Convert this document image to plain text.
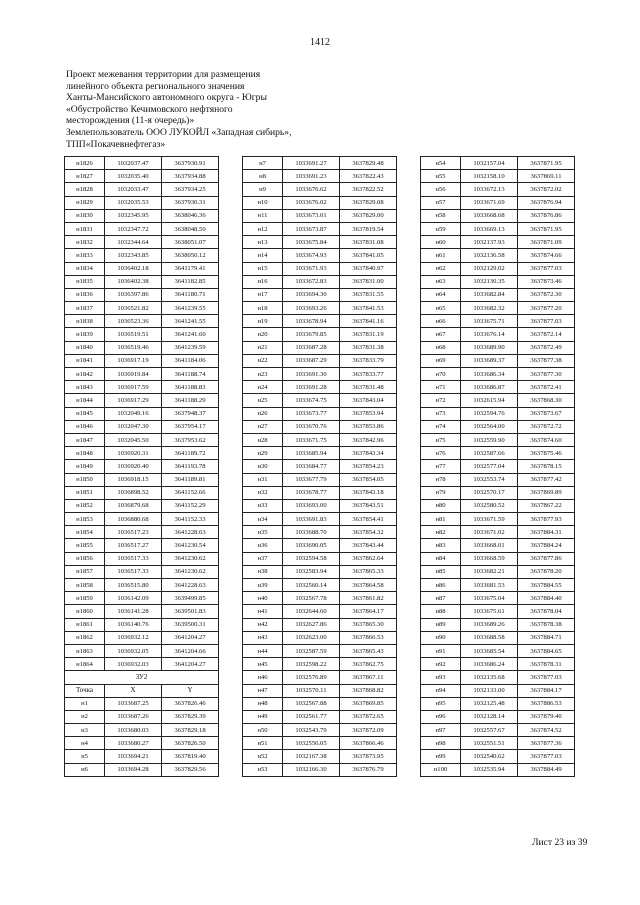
1412
Проект межевания территории для размещения
линейного объекта регионального значения
Ханты-Мансийского автономного округа - Югры
«Обустройство Кечимовского нефтяного
месторождения (11-я очередь)»
Землепользователь ООО ЛУКОЙЛ «Западная сибирь»,
ТПП«Покачевнефтегаз»
н1826	1032037.47	3637930.91
н1827	1032035.40	3637934.88
н1828	1032033.47	3637934.25
н1829	1032035.53	3637930.31
н1830	1032345.95	3638046.36
н1831	1032347.72	3638048.50
н1832	1032344.64	3638051.07
н1833	1032343.85	3638050.12
н1834	1036402.18	3641179.41
н1835	1036402.38	3641182.85
н1836	1036397.86	3641180.71
н1837	1036521.82	3641239.55
н1838	1036523.36	3641241.55
н1839	1036519.51	3641241.60
н1840	1036519.46	3641239.59
н1841	1036917.19	3641184.06
н1842	1036919.84	3641188.74
н1843	1036917.59	3641188.83
н1844	1036917.29	3641188.29
н1845	1032049.16	3637948.37
н1846	1032047.30	3637954.17
н1847	1032045.50	3637953.62
н1848	1036920.31	3641189.72
н1849	1036920.40	3641193.78
н1850	1036918.15	3641189.81
н1851	1036898.52	3641152.66
н1852	1036879.68	3641152.29
н1853	1036880.68	3641152.33
н1854	1036517.23	3641228.63
н1855	1036517.27	3641230.54
н1856	1036517.33	3641230.62
н1857	1036517.33	3641230.62
н1858	1036515.80	3641228.63
н1859	1036142.09	3639499.85
н1860	1036141.28	3639501.83
н1861	1036140.76	3639500.31
н1862	1036932.12	3641204.27
н1863	1036932.05	3641204.66
н1864	1036932.03	3641204.27
ЗУ2		
Точка	X	Y
н1	1033687.25	3637826.46
н2	1033687.26	3637829.39
н3	1033680.03	3637829.18
н4	1033680.27	3637826.50
н5	1033694.21	3637819.40
н6	1033694.28	3637829.56
н7	1033691.27	3637829.48
н8	1033691.23	3637822.43
н9	1033676.62	3637822.52
н10	1033676.02	3637829.08
н11	1033673.01	3637829.00
н12	1033673.87	3637819.54
н13	1033675.84	3637831.08
н14	1033674.93	3637841.05
н15	1033671.93	3637840.97
н16	1033672.83	3637831.00
н17	1033694.30	3637831.55
н18	1033693.26	3637841.53
н19	1033678.94	3637841.16
н20	1033679.85	3637831.19
н21	1033687.28	3637831.38
н22	1033687.29	3637833.79
н23	1033691.30	3637833.77
н24	1033691.28	3637831.48
н25	1033674.75	3637843.04
н26	1033673.77	3637853.94
н27	1033670.76	3637853.86
н28	1033671.75	3637842.96
н29	1033685.94	3637843.34
н30	1033684.77	3637854.23
н31	1033677.79	3637854.05
н32	1033678.77	3637843.18
н33	1033693.00	3637843.51
н34	1033691.83	3637854.41
н35	1033688.70	3637854.32
н36	1033690.05	3637843.44
н37	1032594.58	3637862.64
н38	1032583.94	3637865.33
н39	1032560.14	3637864.58
н40	1032567.78	3637861.82
н41	1032644.60	3637864.17
н42	1032627.86	3637865.30
н43	1032623.00	3637866.53
н44	1032587.59	3637865.43
н45	1032598.22	3637862.75
н46	1032576.89	3637867.11
н47	1032570.11	3637868.82
н48	1032567.88	3637869.85
н49	1032561.77	3637872.65
н50	1032543.79	3637872.09
н51	1032556.05	3637866.46
н52	1032167.38	3637873.95
н53	1032166.30	3637876.79
н54	1032157.04	3637871.95
н55	1032158.10	3637869.11
н56	1033672.13	3637872.02
н57	1033671.69	3637876.94
н58	1033668.68	3637876.86
н59	1033669.13	3637871.95
н60	1032137.93	3637871.09
н61	1032136.58	3637874.66
н62	1032129.02	3637877.03
н63	1032130.35	3637873.46
н64	1033682.84	3637872.30
н65	1033682.32	3637877.20
н66	1033675.71	3637877.03
н67	1033676.14	3637872.14
н68	1033689.90	3637872.49
н69	1033689.37	3637877.38
н70	1033686.34	3637877.30
н71	1033686.87	3637872.41
н72	1032615.94	3637868.30
н73	1032594.76	3637873.67
н74	1032564.00	3637872.72
н75	1032559.90	3637874.60
н76	1032587.66	3637875.46
н77	1032577.04	3637878.15
н78	1032553.74	3637877.42
н79	1032570.17	3637869.89
н80	1032580.52	3637867.22
н81	1033671.59	3637877.93
н82	1033671.02	3637884.31
н83	1033668.01	3637884.24
н84	1033668.59	3637877.86
н85	1033682.21	3637878.20
н86	1033681.53	3637884.55
н87	1033675.04	3637884.40
н88	1033675.61	3637878.04
н89	1033689.26	3637878.38
н90	1033688.58	3637884.71
н91	1033685.54	3637884.65
н92	1033686.24	3637878.31
н93	1032135.68	3637877.03
н94	1032133.00	3637884.17
н95	1032125.48	3637886.53
н96	1032128.14	3637879.40
н97	1032557.67	3637874.52
н98	1032551.51	3637877.36
н99	1032540.62	3637877.03
н100	1032535.94	3637884.49
Лист 23 из 39
